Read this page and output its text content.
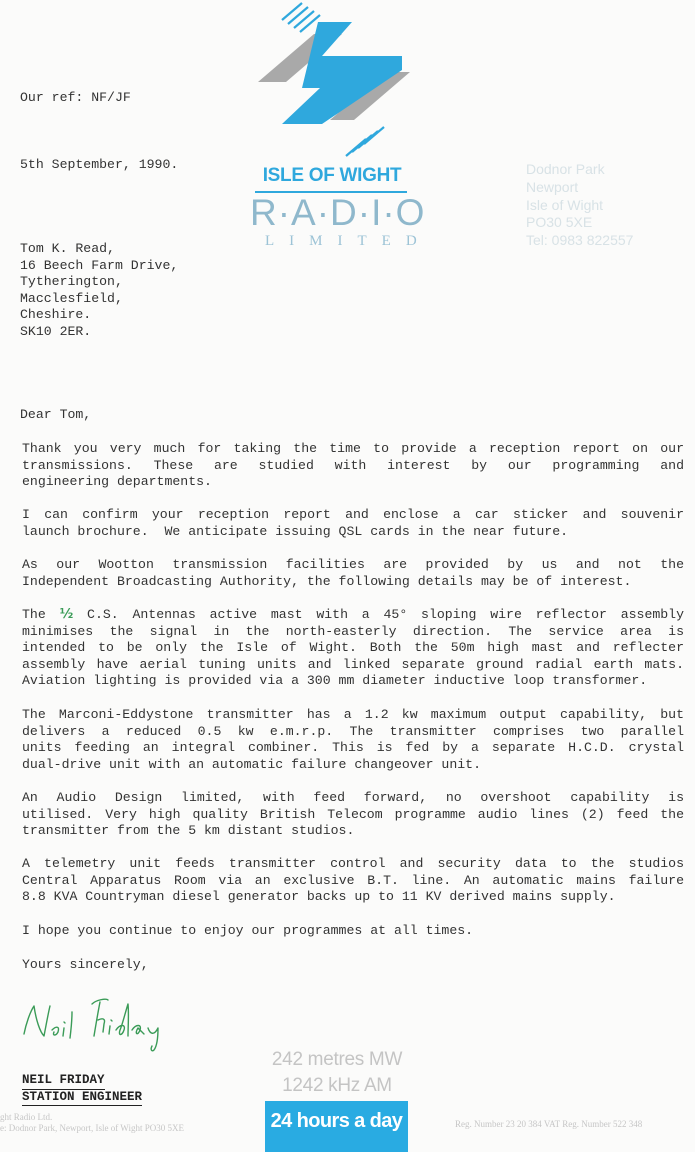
ISLE OF WIGHT
R·A·D·I·O
LIMITED
Dodnor Park
Newport
Isle of Wight
PO30 5XE
Tel: 0983 822557
Our ref: NF/JF
5th September, 1990.
Tom K. Read,
16 Beech Farm Drive,
Tytherington,
Macclesfield,
Cheshire.
SK10 2ER.
Dear Tom,
Thank you very much for taking the time to provide a reception report on our
transmissions. These are studied with interest by our programming and
engineering departments.
I can confirm your reception report and enclose a car sticker and souvenir
launch brochure.  We anticipate issuing QSL cards in the near future.
As our Wootton transmission facilities are provided by us and not the
Independent Broadcasting Authority, the following details may be of interest.
The ½ C.S. Antennas active mast with a 45° sloping wire reflector assembly
minimises the signal in the north-easterly direction. The service area is
intended to be only the Isle of Wight. Both the 50m high mast and reflecter
assembly have aerial tuning units and linked separate ground radial earth mats.
Aviation lighting is provided via a 300 mm diameter inductive loop transformer.
The Marconi-Eddystone transmitter has a 1.2 kw maximum output capability, but
delivers a reduced 0.5 kw e.m.r.p. The transmitter comprises two parallel
units feeding an integral combiner. This is fed by a separate H.C.D. crystal
dual-drive unit with an automatic failure changeover unit.
An Audio Design limited, with feed forward, no overshoot capability is
utilised. Very high quality British Telecom programme audio lines (2) feed the
transmitter from the 5 km distant studios.
A telemetry unit feeds transmitter control and security data to the studios
Central Apparatus Room via an exclusive B.T. line. An automatic mains failure
8.8 KVA Countryman diesel generator backs up to 11 KV derived mains supply.
I hope you continue to enjoy our programmes at all times.
Yours sincerely,
NEIL FRIDAY
STATION ENGINEER
242 metres MW
1242 kHz AM
24 hours a day
ght Radio Ltd.
e: Dodnor Park, Newport, Isle of Wight PO30 5XE	Reg. Number 23 20 384 VAT Reg. Number 522 348
